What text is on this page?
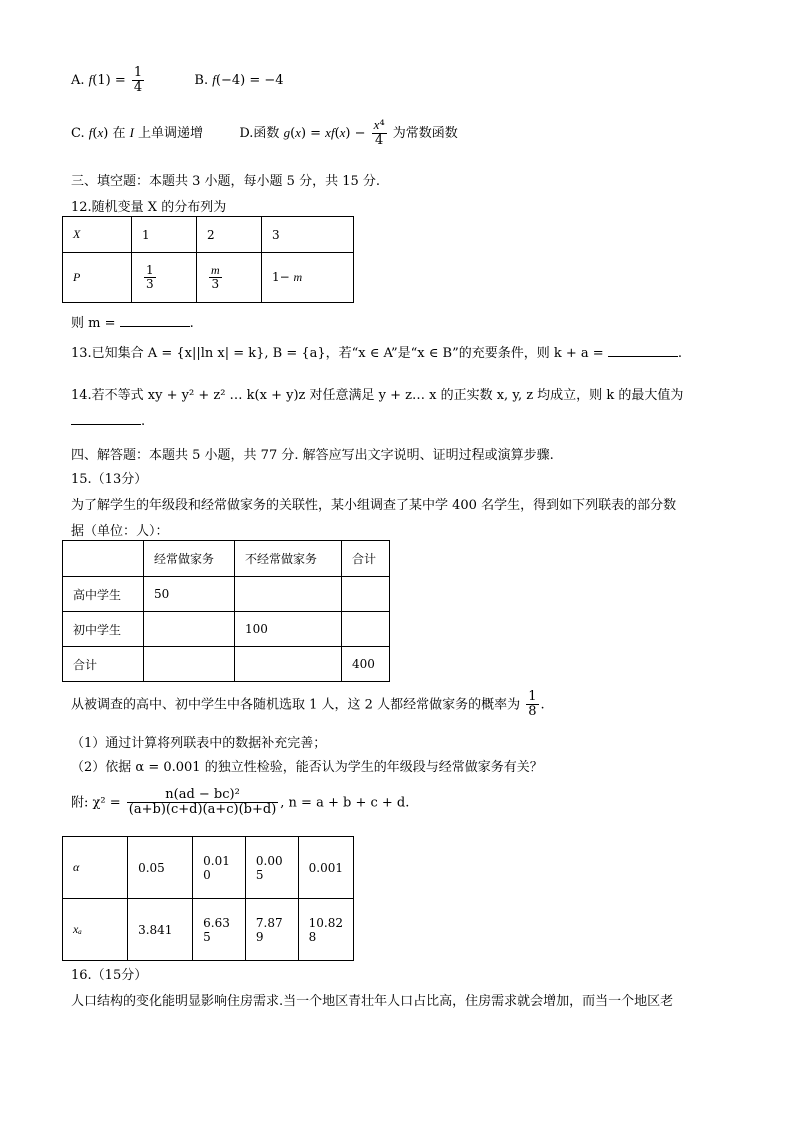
A. $f(1) = \frac{1}{4}$	B. f(−4) = −4
C. f(x) 在 I 上单调递增	D.函数 $g(x) = xf(x) - \frac{\text{x⁴}}{4}$ 为常数函数
三、填空题：本题共 3 小题，每小题 5 分，共 15 分.
12.随机变量 X 的分布列为
X	1	2	3
P	$\frac{1}{3}$	$\frac{m}{3}$	1− m
则 m =	.
13.已知集合 A = {x||ln x| = k}, B = {a}，若“x ∈ A”是“x ∈ B”的充要条件，则 k + a =	.
14.若不等式 xy + y² + z² … k(x + y)z 对任意满足 y + z… x 的正实数 x, y, z 均成立，则 k 的最大值为
.
四、解答题：本题共 5 小题，共 77 分. 解答应写出文字说明、证明过程或演算步骤.
15.（13分）
为了解学生的年级段和经常做家务的关联性，某小组调查了某中学 400 名学生，得到如下列联表的部分数
据（单位：人）：
	经常做家务	不经常做家务	合计
高中学生	50		
初中学生		100	
合计			400
从被调查的高中、初中学生中各随机选取 1 人，这 2 人都经常做家务的概率为 $\frac{1}{8}$ .
（1）通过计算将列联表中的数据补充完善；
（2）依据 α = 0.001 的独立性检验，能否认为学生的年级段与经常做家务有关？
附: $\chi^2 = \frac{\text{n(ad − bc)²}}{(a+b)(c+d)(a+c)(b+d)}$ , n = a + b + c + d.
α	0.05	0.010	0.005	0.001
xₐ	3.841	6.635	7.879	10.828
16.（15分）
人口结构的变化能明显影响住房需求.当一个地区青壮年人口占比高，住房需求就会增加，而当一个地区老
